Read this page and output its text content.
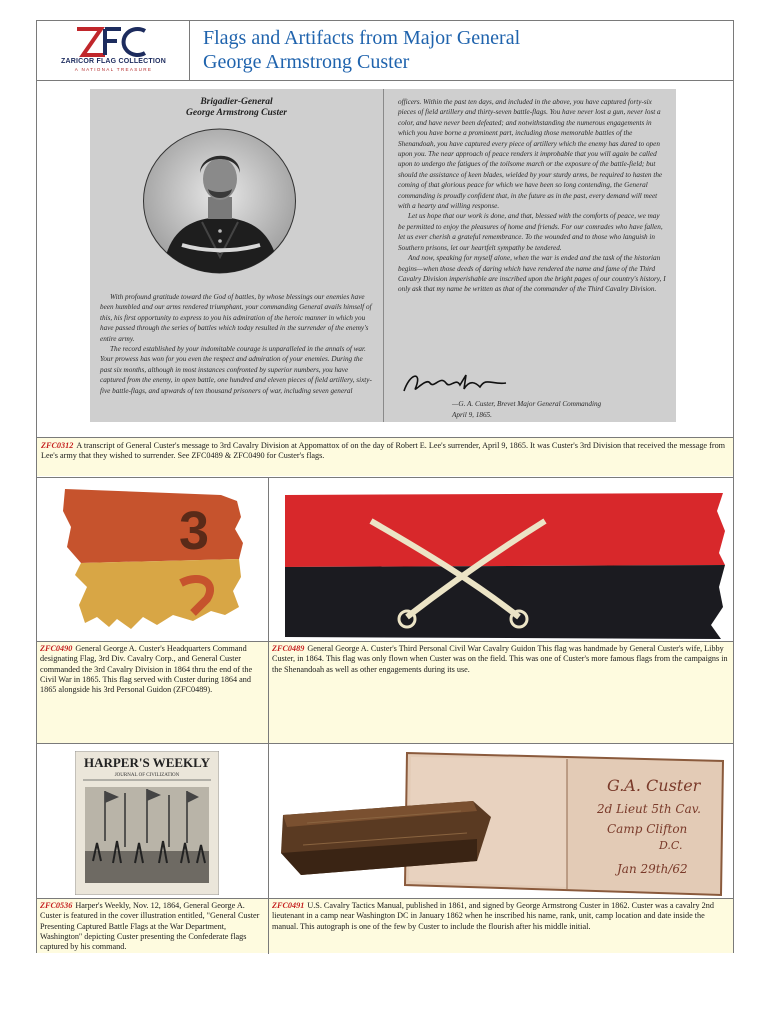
ZARICOR FLAG COLLECTION
A NATIONAL TREASURE
Flags and Artifacts from Major General
George Armstrong Custer
Brigadier-General
George Armstrong Custer

With profound gratitude toward the God of battles, by whose blessings our enemies have been humbled and our arms rendered triumphant, your commanding General avails himself of this, his first opportunity to express to you his admiration of the heroic manner in which you have passed through the series of battles which today resulted in the surrender of the enemy's entire army.

The record established by your indomitable courage is unparalleled in the annals of war. Your prowess has won for you even the respect and admiration of your enemies. During the past six months, although in most instances confronted by superior numbers, you have captured from the enemy, in open battle, one hundred and eleven pieces of field artillery, sixty-five battle-flags, and upwards of ten thousand prisoners of war, including seven general

officers. Within the past ten days, and included in the above, you have captured forty-six pieces of field artillery and thirty-seven battle-flags. You have never lost a gun, never lost a color, and have never been defeated; and notwithstanding the numerous engagements in which you have borne a prominent part, including those memorable battles of the Shenandoah, you have captured every piece of artillery which the enemy has dared to open upon you. The near approach of peace renders it improbable that you will again be called upon to undergo the fatigues of the toilsome march or the exposure of the battle-field; but should the assistance of keen blades, wielded by your sturdy arms, be required to hasten the coming of that glorious peace for which we have been so long contending, the General commanding is proudly confident that, in the future as in the past, every demand will meet with a hearty and willing response.

Let us hope that our work is done, and that, blessed with the comforts of peace, we may be permitted to enjoy the pleasures of home and friends. For our comrades who have fallen, let us ever cherish a grateful remembrance. To the wounded and to those who languish in Southern prisons, let our heartfelt sympathy be tendered.

And now, speaking for myself alone, when the war is ended and the task of the historian begins—when those deeds of daring which have rendered the name and fame of the Third Cavalry Division imperishable are inscribed upon the bright pages of our country's history, I only ask that my name be written as that of the commander of the Third Cavalry Division.

—G. A. Custer, Brevet Major General Commanding
April 9, 1865.
ZFC0312 A transcript of General Custer's message to 3rd Cavalry Division at Appomattox of on the day of Robert E. Lee's surrender, April 9, 1865. It was Custer's 3rd Division that received the message from Lee's army that they wished to surrender. See ZFC0489 & ZFC0490 for Custer's flags.
3
ZFC0490 General George A. Custer's Headquarters Command designating Flag, 3rd Div. Cavalry Corp., and General Custer commanded the 3rd Cavalry Division in 1864 thru the end of the Civil War in 1865. This flag served with Custer during 1864 and 1865 alongside his 3rd Personal Guidon (ZFC0489).
ZFC0489 General George A. Custer's Third Personal Civil War Cavalry Guidon This flag was handmade by General Custer's wife, Libby Custer, in 1864. This flag was only flown when Custer was on the field. This was one of Custer's more famous flags from the campaigns in the Shenandoah as well as other engagements during its use.
HARPER'S WEEKLY
JOURNAL OF CIVILIZATION
G.A. Custer
2d Lieut 5th Cav.
Camp Clifton
D.C.
Jan 29th/62
ZFC0536 Harper's Weekly, Nov. 12, 1864, General George A. Custer is featured in the cover illustration entitled, "General Custer Presenting Captured Battle Flags at the War Department, Washington" depicting Custer presenting the Confederate flags captured by his command.
ZFC0491 U.S. Cavalry Tactics Manual, published in 1861, and signed by George Armstrong Custer in 1862. Custer was a cavalry 2nd lieutenant in a camp near Washington DC in January 1862 when he inscribed his name, rank, unit, camp location and date inside the manual. This autograph is one of the few by Custer to include the flourish after his middle initial.
